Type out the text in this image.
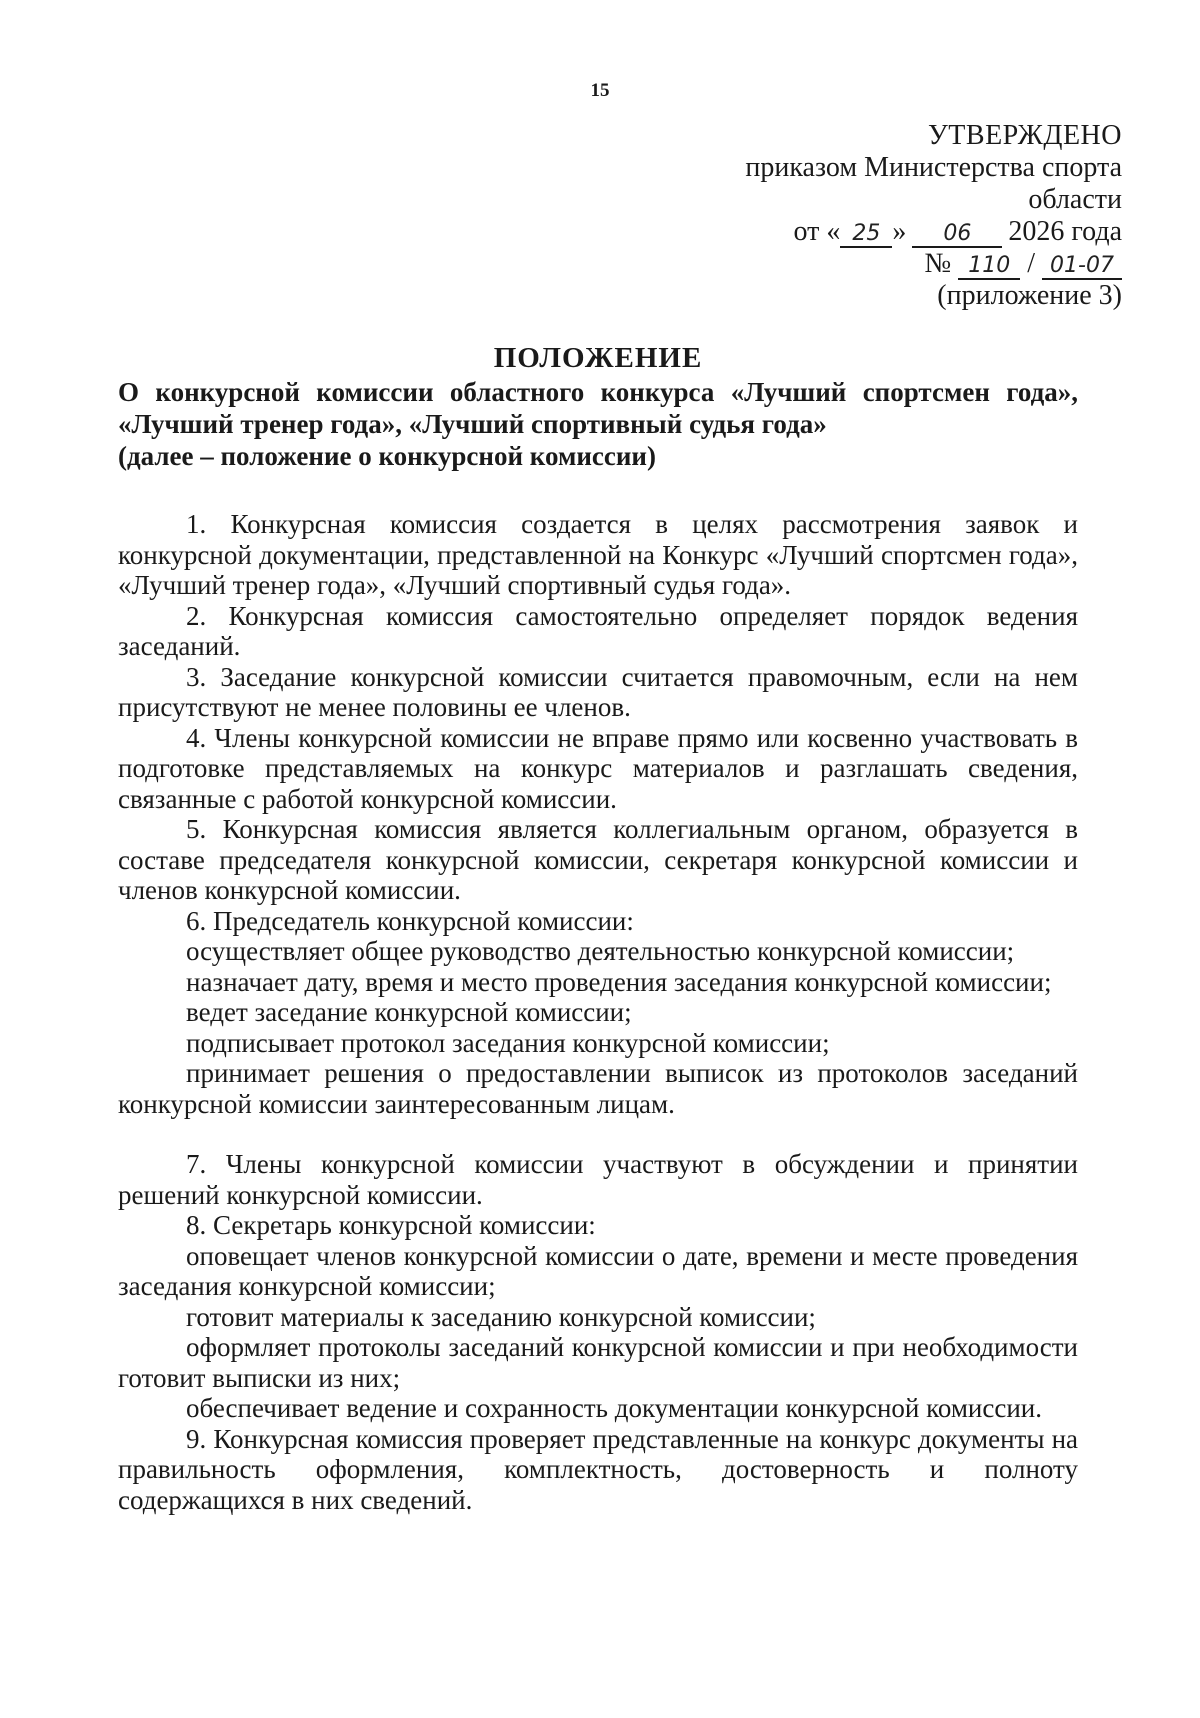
15
УТВЕРЖДЕНО
приказом Министерства спорта
области
от « 25 » 06 2026 года
№ 110 / 01-07
(приложение 3)
ПОЛОЖЕНИЕ
О конкурсной комиссии областного конкурса «Лучший спортсмен года»,
«Лучший тренер года», «Лучший спортивный судья года»
(далее – положение о конкурсной комиссии)

1. Конкурсная комиссия создается в целях рассмотрения заявок и конкурсной документации, представленной на Конкурс «Лучший спортсмен года», «Лучший тренер года», «Лучший спортивный судья года».

2. Конкурсная комиссия самостоятельно определяет порядок ведения заседаний.

3. Заседание конкурсной комиссии считается правомочным, если на нем присутствуют не менее половины ее членов.

4. Члены конкурсной комиссии не вправе прямо или косвенно участвовать в подготовке представляемых на конкурс материалов и разглашать сведения, связанные с работой конкурсной комиссии.

5. Конкурсная комиссия является коллегиальным органом, образуется в составе председателя конкурсной комиссии, секретаря конкурсной комиссии и членов конкурсной комиссии.

6. Председатель конкурсной комиссии:

осуществляет общее руководство деятельностью конкурсной комиссии;

назначает дату, время и место проведения заседания конкурсной комиссии;

ведет заседание конкурсной комиссии;

подписывает протокол заседания конкурсной комиссии;

принимает решения о предоставлении выписок из протоколов заседаний конкурсной комиссии заинтересованным лицам.

7. Члены конкурсной комиссии участвуют в обсуждении и принятии решений конкурсной комиссии.

8. Секретарь конкурсной комиссии:

оповещает членов конкурсной комиссии о дате, времени и месте проведения заседания конкурсной комиссии;

готовит материалы к заседанию конкурсной комиссии;

оформляет протоколы заседаний конкурсной комиссии и при необходимости готовит выписки из них;

обеспечивает ведение и сохранность документации конкурсной комиссии.

9. Конкурсная комиссия проверяет представленные на конкурс документы на правильность оформления, комплектность, достоверность и полноту содержащихся в них сведений.
